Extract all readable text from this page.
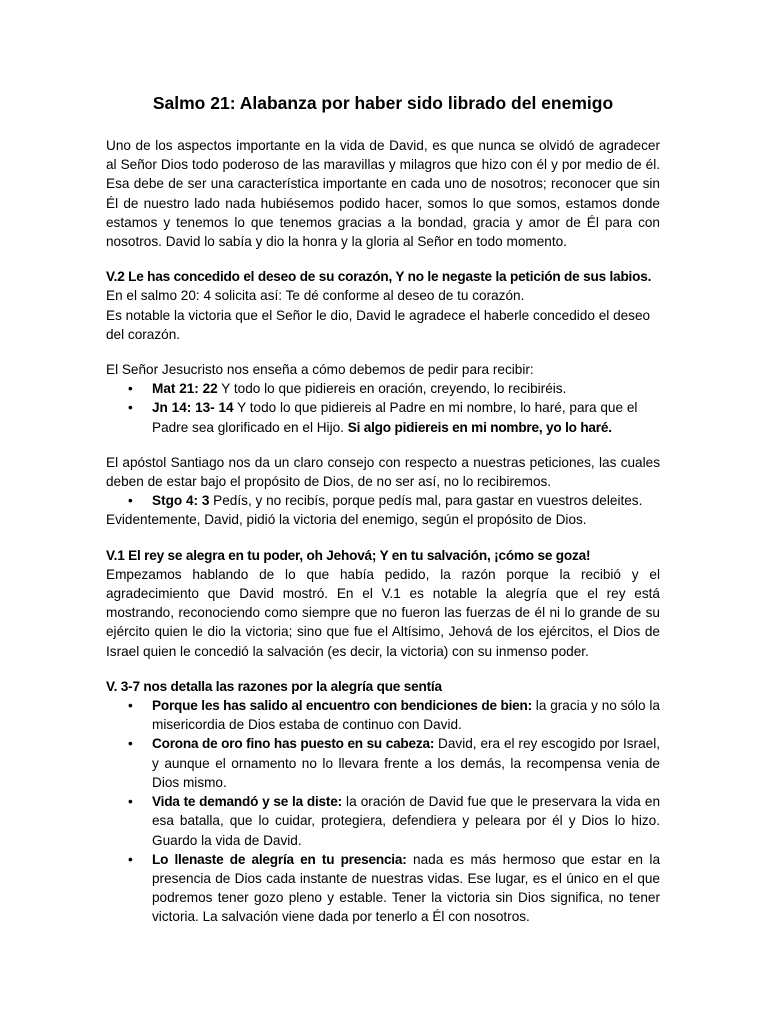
Salmo 21: Alabanza por haber sido librado del enemigo

Uno de los aspectos importante en la vida de David, es que nunca se olvidó de agradecer al Señor Dios todo poderoso de las maravillas y milagros que hizo con él y por medio de él. Esa debe de ser una característica importante en cada uno de nosotros; reconocer que sin Él de nuestro lado nada hubiésemos podido hacer, somos lo que somos, estamos donde estamos y tenemos lo que tenemos gracias a la bondad, gracia y amor de Él para con nosotros. David lo sabía y dio la honra y la gloria al Señor en todo momento.

V.2 Le has concedido el deseo de su corazón, Y no le negaste la petición de sus labios.

En el salmo 20: 4 solicita así: Te dé conforme al deseo de tu corazón.

Es notable la victoria que el Señor le dio, David le agradece el haberle concedido el deseo del corazón.

El Señor Jesucristo nos enseña a cómo debemos de pedir para recibir:

• Mat 21: 22 Y todo lo que pidiereis en oración, creyendo, lo recibiréis.
• Jn 14: 13- 14 Y todo lo que pidiereis al Padre en mi nombre, lo haré, para que el Padre sea glorificado en el Hijo. Si algo pidiereis en mi nombre, yo lo haré.

El apóstol Santiago nos da un claro consejo con respecto a nuestras peticiones, las cuales deben de estar bajo el propósito de Dios, de no ser así, no lo recibiremos.

• Stgo 4: 3 Pedís, y no recibís, porque pedís mal, para gastar en vuestros deleites.

Evidentemente, David, pidió la victoria del enemigo, según el propósito de Dios.

V.1 El rey se alegra en tu poder, oh Jehová; Y en tu salvación, ¡cómo se goza!

Empezamos hablando de lo que había pedido, la razón porque la recibió y el agradecimiento que David mostró. En el V.1 es notable la alegría que el rey está mostrando, reconociendo como siempre que no fueron las fuerzas de él ni lo grande de su ejército quien le dio la victoria; sino que fue el Altísimo, Jehová de los ejércitos, el Dios de Israel quien le concedió la salvación (es decir, la victoria) con su inmenso poder.

V. 3-7 nos detalla las razones por la alegría que sentía

• Porque les has salido al encuentro con bendiciones de bien: la gracia y no sólo la misericordia de Dios estaba de continuo con David.
• Corona de oro fino has puesto en su cabeza: David, era el rey escogido por Israel, y aunque el ornamento no lo llevara frente a los demás, la recompensa venia de Dios mismo.
• Vida te demandó y se la diste: la oración de David fue que le preservara la vida en esa batalla, que lo cuidar, protegiera, defendiera y peleara por él y Dios lo hizo. Guardo la vida de David.
• Lo llenaste de alegría en tu presencia: nada es más hermoso que estar en la presencia de Dios cada instante de nuestras vidas. Ese lugar, es el único en el que podremos tener gozo pleno y estable. Tener la victoria sin Dios significa, no tener victoria. La salvación viene dada por tenerlo a Él con nosotros.
